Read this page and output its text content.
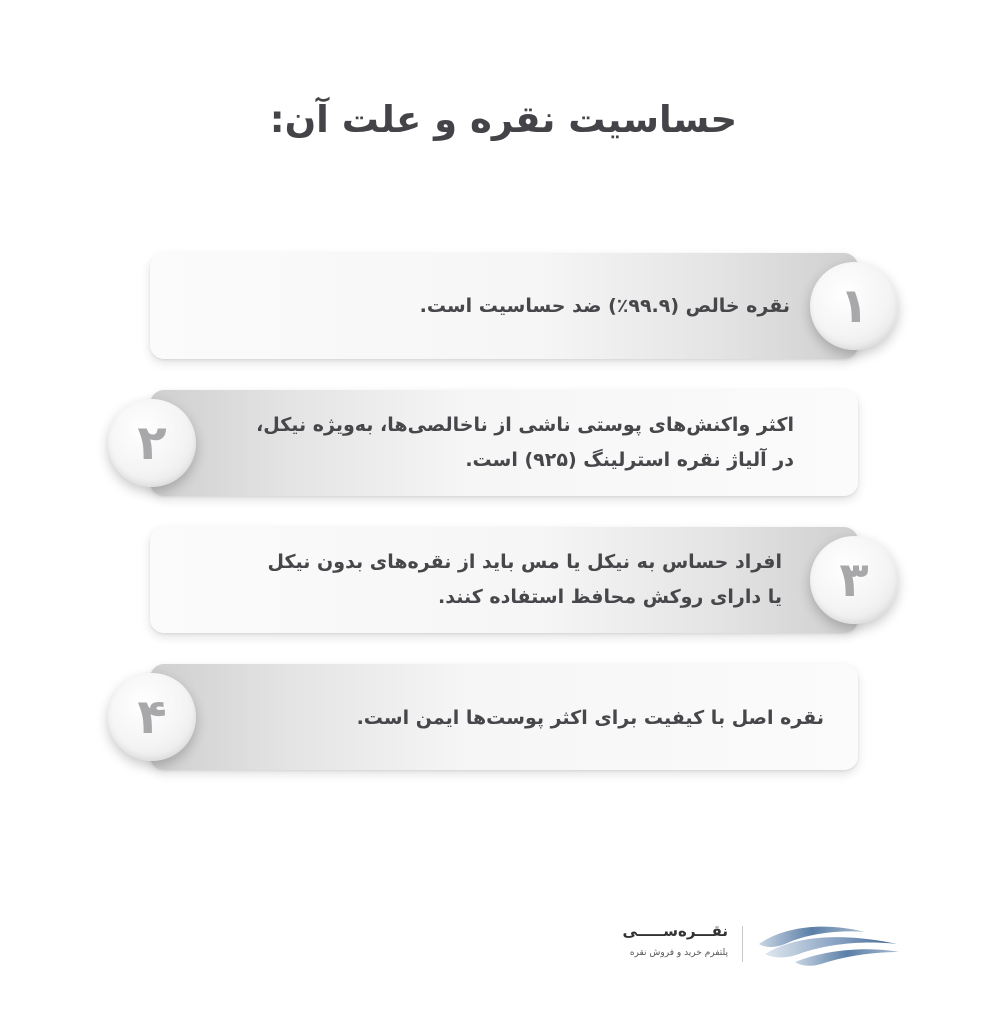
حساسیت نقره و علت آن:
نقره خالص (۹۹.۹٪) ضد حساسیت است.	۱
اکثر واکنش‌های پوستی ناشی از ناخالصی‌ها، به‌ویژه نیکل،
در آلیاژ نقره استرلینگ (۹۲۵) است.
۲
افراد حساس به نیکل یا مس باید از نقره‌های بدون نیکل
یا دارای روکش محافظ استفاده کنند.	۳
نقره اصل با کیفیت برای اکثر پوست‌ها ایمن است.
۴
نقـــره‌ســـــی
پلتفرم خرید و فروش نقره
